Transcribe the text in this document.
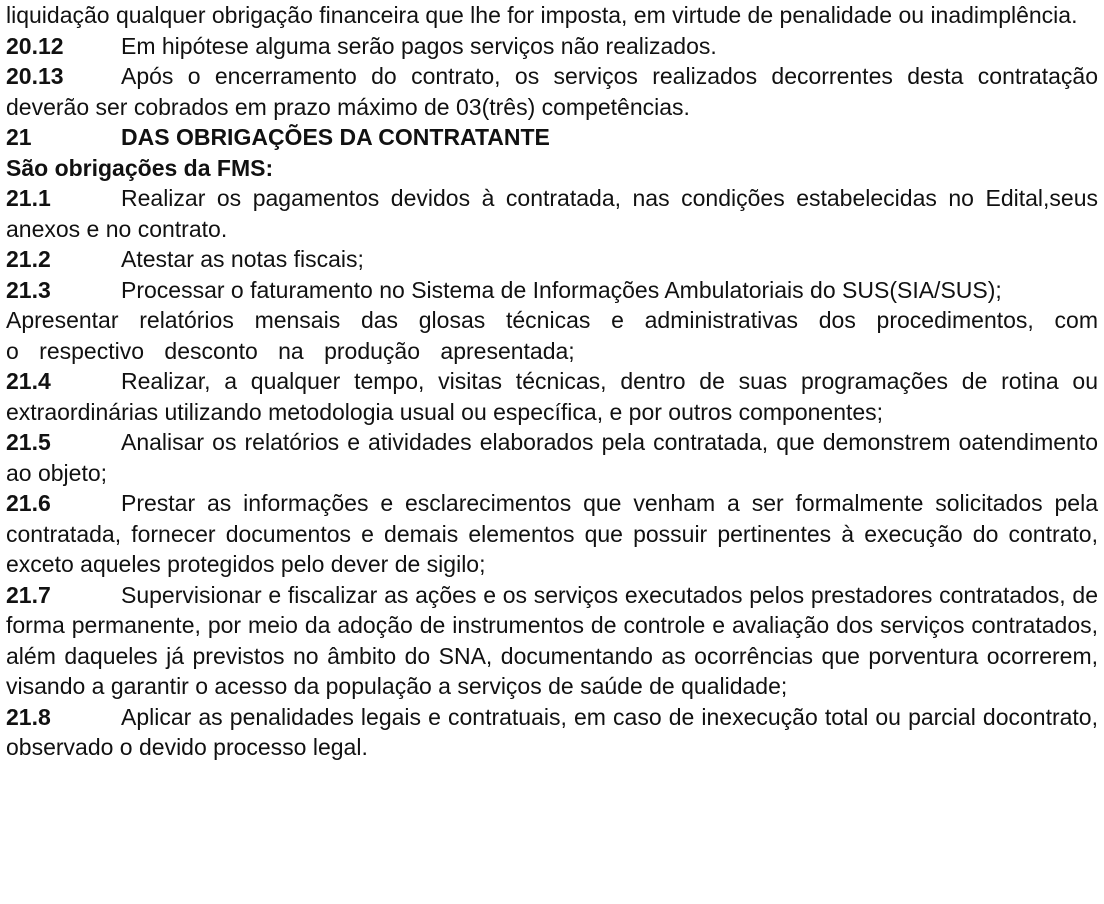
liquidação qualquer obrigação financeira que lhe for imposta, em virtude de penalidade ou inadimplência.

20.12 Em hipótese alguma serão pagos serviços não realizados.

20.13 Após o encerramento do contrato, os serviços realizados decorrentes desta contratação deverão ser cobrados em prazo máximo de 03(três) competências.

21	DAS OBRIGAÇÕES DA CONTRATANTE

São obrigações da FMS:

21.1	Realizar os pagamentos devidos à contratada, nas condições estabelecidas no Edital,seus anexos e no contrato.

21.2	Atestar as notas fiscais;

21.3	Processar o faturamento no Sistema de Informações Ambulatoriais do SUS(SIA/SUS);

Apresentar relatórios mensais das glosas técnicas e administrativas dos procedimentos, com o respectivo desconto na produção apresentada;

21.4	Realizar, a qualquer tempo, visitas técnicas, dentro de suas programações de rotina ou extraordinárias utilizando metodologia usual ou específica, e por outros componentes;

21.5	Analisar os relatórios e atividades elaborados pela contratada, que demonstrem oatendimento ao objeto;

21.6	Prestar as informações e esclarecimentos que venham a ser formalmente solicitados pela contratada, fornecer documentos e demais elementos que possuir pertinentes à execução do contrato, exceto aqueles protegidos pelo dever de sigilo;

21.7	Supervisionar e fiscalizar as ações e os serviços executados pelos prestadores contratados, de forma permanente, por meio da adoção de instrumentos de controle e avaliação dos serviços contratados, além daqueles já previstos no âmbito do SNA, documentando as ocorrências que porventura ocorrerem, visando a garantir o acesso da população a serviços de saúde de qualidade;

21.8	Aplicar as penalidades legais e contratuais, em caso de inexecução total ou parcial docontrato, observado o devido processo legal.
